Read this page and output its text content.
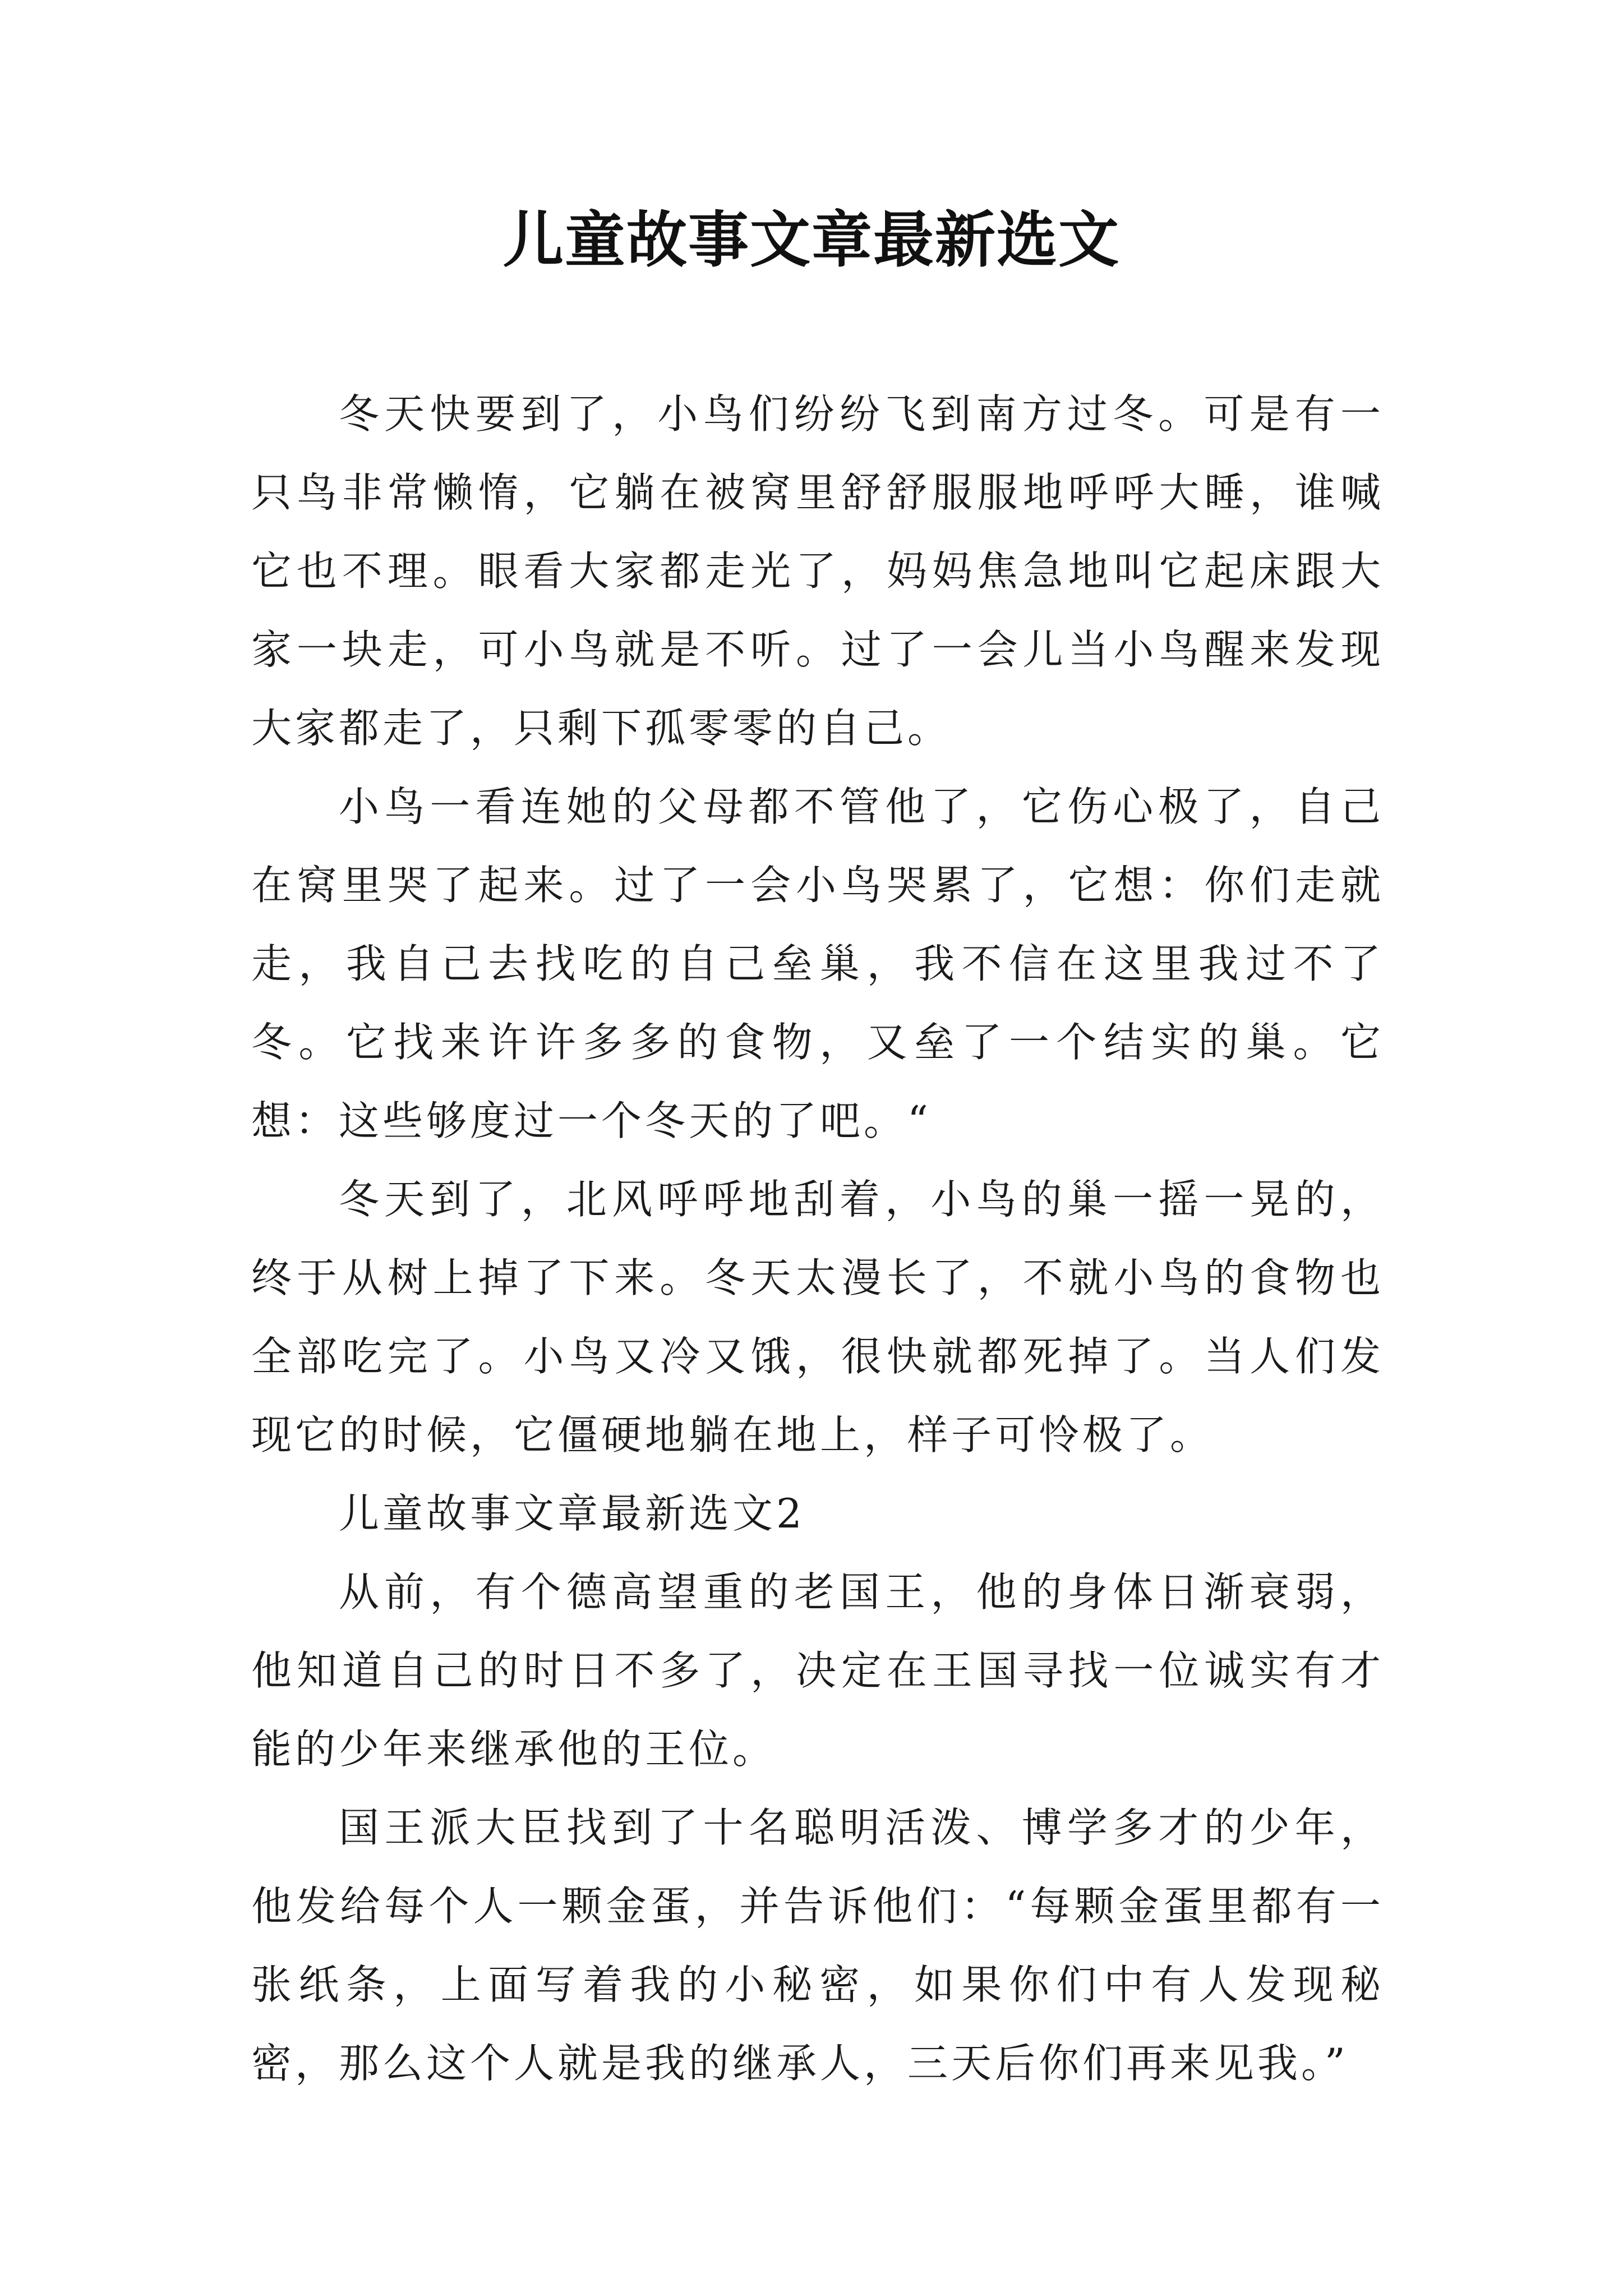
儿童故事文章最新选文

冬天快要到了，小鸟们纷纷飞到南方过冬。可是有一只鸟非常懒惰，它躺在被窝里舒舒服服地呼呼大睡，谁喊它也不理。眼看大家都走光了，妈妈焦急地叫它起床跟大家一块走，可小鸟就是不听。过了一会儿当小鸟醒来发现大家都走了，只剩下孤零零的自己。

小鸟一看连她的父母都不管他了，它伤心极了，自己在窝里哭了起来。过了一会小鸟哭累了，它想：你们走就走，我自己去找吃的自己垒巢，我不信在这里我过不了冬。它找来许许多多的食物，又垒了一个结实的巢。它想：这些够度过一个冬天的了吧。“

冬天到了，北风呼呼地刮着，小鸟的巢一摇一晃的，终于从树上掉了下来。冬天太漫长了，不就小鸟的食物也全部吃完了。小鸟又冷又饿，很快就都死掉了。当人们发现它的时候，它僵硬地躺在地上，样子可怜极了。

儿童故事文章最新选文2

从前，有个德高望重的老国王，他的身体日渐衰弱，他知道自己的时日不多了，决定在王国寻找一位诚实有才能的少年来继承他的王位。

国王派大臣找到了十名聪明活泼、博学多才的少年，他发给每个人一颗金蛋，并告诉他们：“每颗金蛋里都有一张纸条，上面写着我的小秘密，如果你们中有人发现秘密，那么这个人就是我的继承人，三天后你们再来见我。”
